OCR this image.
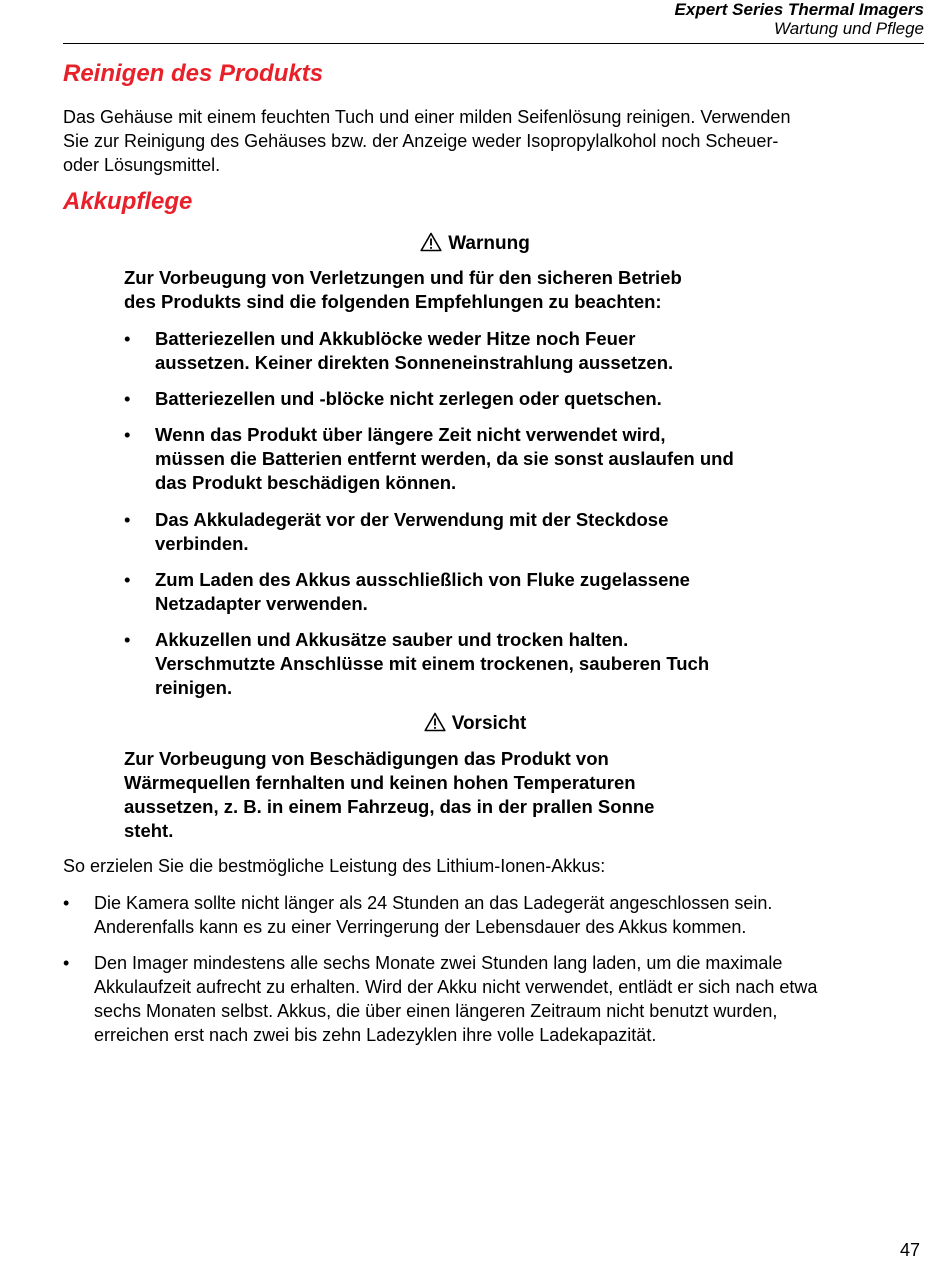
Expert Series Thermal Imagers
Wartung und Pflege
Reinigen des Produkts
Das Gehäuse mit einem feuchten Tuch und einer milden Seifenlösung reinigen. Verwenden
Sie zur Reinigung des Gehäuses bzw. der Anzeige weder Isopropylalkohol noch Scheuer-
oder Lösungsmittel.
Akkupflege
Warnung
Zur Vorbeugung von Verletzungen und für den sicheren Betrieb
des Produkts sind die folgenden Empfehlungen zu beachten:
• Batteriezellen und Akkublöcke weder Hitze noch Feuer
aussetzen. Keiner direkten Sonneneinstrahlung aussetzen.
• Batteriezellen und -blöcke nicht zerlegen oder quetschen.
• Wenn das Produkt über längere Zeit nicht verwendet wird,
müssen die Batterien entfernt werden, da sie sonst auslaufen und
das Produkt beschädigen können.
• Das Akkuladegerät vor der Verwendung mit der Steckdose
verbinden.
• Zum Laden des Akkus ausschließlich von Fluke zugelassene
Netzadapter verwenden.
• Akkuzellen und Akkusätze sauber und trocken halten.
Verschmutzte Anschlüsse mit einem trockenen, sauberen Tuch
reinigen.
Vorsicht
Zur Vorbeugung von Beschädigungen das Produkt von
Wärmequellen fernhalten und keinen hohen Temperaturen
aussetzen, z. B. in einem Fahrzeug, das in der prallen Sonne
steht.
So erzielen Sie die bestmögliche Leistung des Lithium-Ionen-Akkus:
• Die Kamera sollte nicht länger als 24 Stunden an das Ladegerät angeschlossen sein.
Anderenfalls kann es zu einer Verringerung der Lebensdauer des Akkus kommen.
• Den Imager mindestens alle sechs Monate zwei Stunden lang laden, um die maximale
Akkulaufzeit aufrecht zu erhalten. Wird der Akku nicht verwendet, entlädt er sich nach etwa
sechs Monaten selbst. Akkus, die über einen längeren Zeitraum nicht benutzt wurden,
erreichen erst nach zwei bis zehn Ladezyklen ihre volle Ladekapazität.
47
